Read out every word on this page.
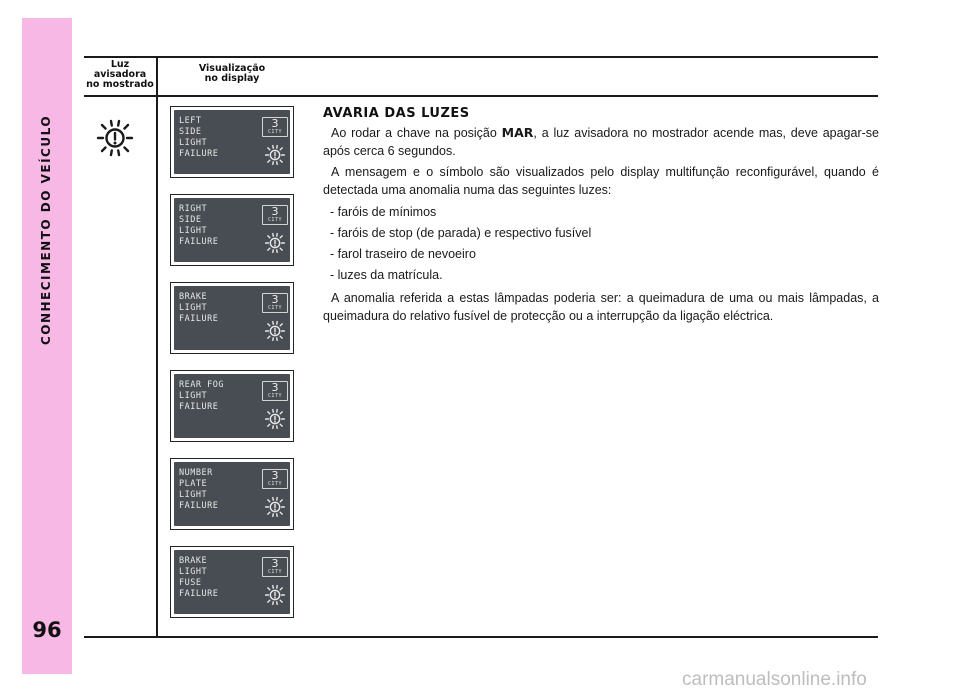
CONHECIMENTO DO VEÍCULO
96
Luz
avisadora
no mostrado
Visualização
no display
LEFT
SIDE
LIGHT
FAILURE
3
CITY
RIGHT
SIDE
LIGHT
FAILURE
3
CITY
BRAKE
LIGHT
FAILURE
3
CITY
REAR FOG
LIGHT
FAILURE
3
CITY
NUMBER
PLATE
LIGHT
FAILURE
3
CITY
BRAKE
LIGHT
FUSE
FAILURE
3
CITY
AVARIA DAS LUZES

Ao rodar a chave na posição MAR, a luz avisadora no mostrador acende mas, deve apagar-se após cerca 6 segundos.

A mensagem e o símbolo são visualizados pelo display multifunção reconfigurável, quando é detectada uma anomalia numa das seguintes luzes:

- faróis de mínimos
- faróis de stop (de parada) e respectivo fusível
- farol traseiro de nevoeiro
- luzes da matrícula.

A anomalia referida a estas lâmpadas poderia ser: a queimadura de uma ou mais lâmpadas, a queimadura do relativo fusível de protecção ou a interrupção da ligação eléctrica.

carmanualsonline.info
